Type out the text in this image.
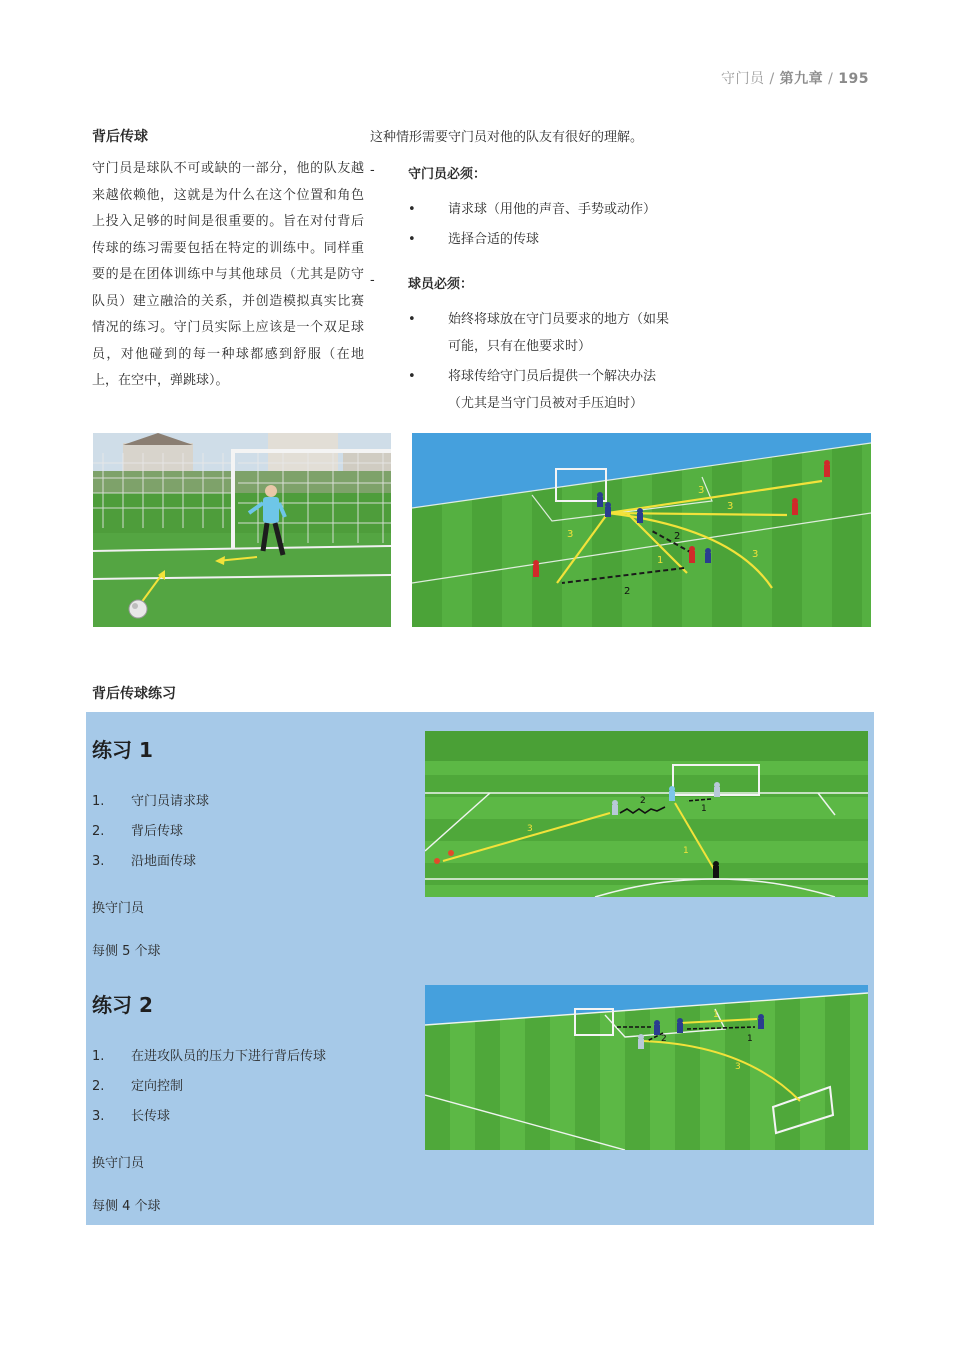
守门员 / 第九章 / 195
背后传球
守门员是球队不可或缺的一部分，他的队友越来越依赖他，这就是为什么在这个位置和角色上投入足够的时间是很重要的。旨在对付背后传球的练习需要包括在特定的训练中。同样重要的是在团体训练中与其他球员（尤其是防守队员）建立融洽的关系，并创造模拟真实比赛情况的练习。守门员实际上应该是一个双足球员，对他碰到的每一种球都感到舒服（在地上，在空中，弹跳球）。

这种情形需要守门员对他的队友有很好的理解。

-	守门员必须：
• 请求球（用他的声音、手势或动作）
• 选择合适的传球
-	球员必须：
• 始终将球放在守门员要求的地方（如果可能，只有在他要求时）
• 将球传给守门员后提供一个解决办法（尤其是当守门员被对手压迫时）
3
3
3
3
1
2
2
背后传球练习
练习 1
1. 守门员请求球
2. 背后传球
3. 沿地面传球
换守门员
每侧 5 个球
练习 2
1. 在进攻队员的压力下进行背后传球
2. 定向控制
3. 长传球
换守门员
每侧 4 个球
2
1
3
1
1
3
2	1
